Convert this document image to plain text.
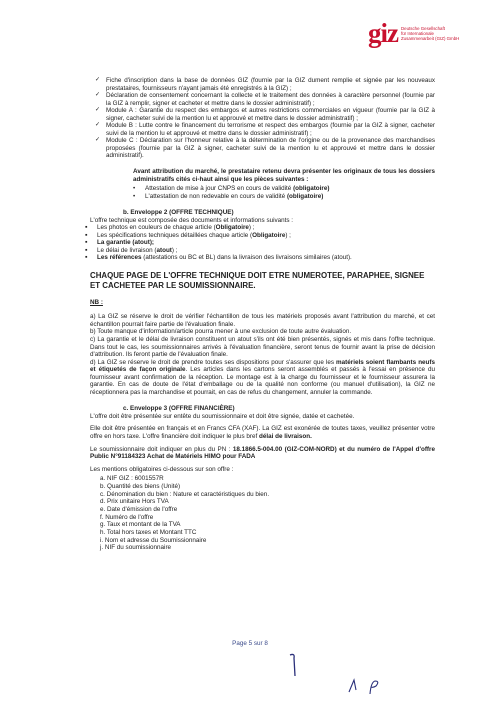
giz Deutsche Gesellschaft
für Internationale
Zusammenarbeit (GIZ) GmbH
✓ Fiche d'inscription dans la base de données GIZ (fournie par la GIZ dument remplie et signée par les nouveaux prestataires, fournisseurs n'ayant jamais été enregistrés à la GIZ) ;
✓ Déclaration de consentement concernant la collecte et le traitement des données à caractère personnel (fournie par la GIZ à remplir, signer et cacheter et mettre dans le dossier administratif) ;
✓ Module A : Garantie du respect des embargos et autres restrictions commerciales en vigueur (fournie par la GIZ à signer, cacheter suivi de la mention lu et approuvé et mettre dans le dossier administratif) ;
✓ Module B : Lutte contre le financement du terrorisme et respect des embargos (fournie par la GIZ à signer, cacheter suivi de la mention lu et approuvé et mettre dans le dossier administratif) ;
✓ Module C : Déclaration sur l'honneur relative à la détermination de l'origine ou de la provenance des marchandises proposées (fournie par la GIZ à signer, cacheter suivi de la mention lu et approuvé et mettre dans le dossier administratif).
Avant attribution du marché, le prestataire retenu devra présenter les originaux de tous les dossiers administratifs cités ci-haut ainsi que les pièces suivantes :
• Attestation de mise à jour CNPS en cours de validité (obligatoire)
• L'attestation de non redevable en cours de validité (obligatoire)
b. Enveloppe 2 (OFFRE TECHNIQUE)
L'offre technique est composée des documents et informations suivants :
▪ Les photos en couleurs de chaque article (Obligatoire) ;
▪ Les spécifications techniques détaillées chaque article (Obligatoire) ;
▪ La garantie (atout);
▪ Le délai de livraison (atout) ;
▪ Les références (attestations ou BC et BL) dans la livraison des livraisons similaires (atout).
CHAQUE PAGE DE L'OFFRE TECHNIQUE DOIT ETRE NUMEROTEE, PARAPHEE, SIGNEE ET CACHETEE PAR LE SOUMISSIONNAIRE.
NB :

a) La GIZ se réserve le droit de vérifier l'échantillon de tous les matériels proposés avant l'attribution du marché, et cet échantillon pourrait faire partie de l'évaluation finale.

b) Toute manque d'information/article pourra mener à une exclusion de toute autre évaluation.

c) La garantie et le délai de livraison constituent un atout s'ils ont été bien présentés, signés et mis dans l'offre technique. Dans tout le cas, les soumissionnaires arrivés à l'évaluation financière, seront tenus de fournir avant la prise de décision d'attribution. Ils feront partie de l'évaluation finale.

d) La GIZ se réserve le droit de prendre toutes ses dispositions pour s'assurer que les matériels soient flambants neufs et étiquetés de façon originale. Les articles dans les cartons seront assemblés et passés à l'essai en présence du fournisseur avant confirmation de la réception. Le montage est à la charge du fournisseur et le fournisseur assurera la garantie. En cas de doute de l'état d'emballage ou de la qualité non conforme (ou manuel d'utilisation), la GIZ ne réceptionnera pas la marchandise et pourrait, en cas de refus du changement, annuler la commande.

c. Enveloppe 3 (OFFRE FINANCIÈRE)

L'offre doit être présentée sur entête du soumissionnaire et doit être signée, datée et cachetée.

Elle doit être présentée en français et en Francs CFA (XAF). La GIZ est exonérée de toutes taxes, veuillez présenter votre offre en hors taxe. L'offre financière doit indiquer le plus bref délai de livraison.

Le soumissionnaire doit indiquer en plus du PN : 18.1866.5-004.00 (GIZ-COM-NORD) et du numéro de l'Appel d'offre Public N°91184323 Achat de Matériels HIMO pour FADA

Les mentions obligatoires ci-dessous sur son offre :

a. NIF GIZ : 6001557R
b. Quantité des biens (Unité)
c. Dénomination du bien : Nature et caractéristiques du bien.
d. Prix unitaire Hors TVA
e. Date d'émission de l'offre
f. Numéro de l'offre
g. Taux et montant de la TVA
h. Total hors taxes et Montant TTC
i. Nom et adresse du Soumissionnaire
j. NIF du soumissionnaire
Page 5 sur 8
